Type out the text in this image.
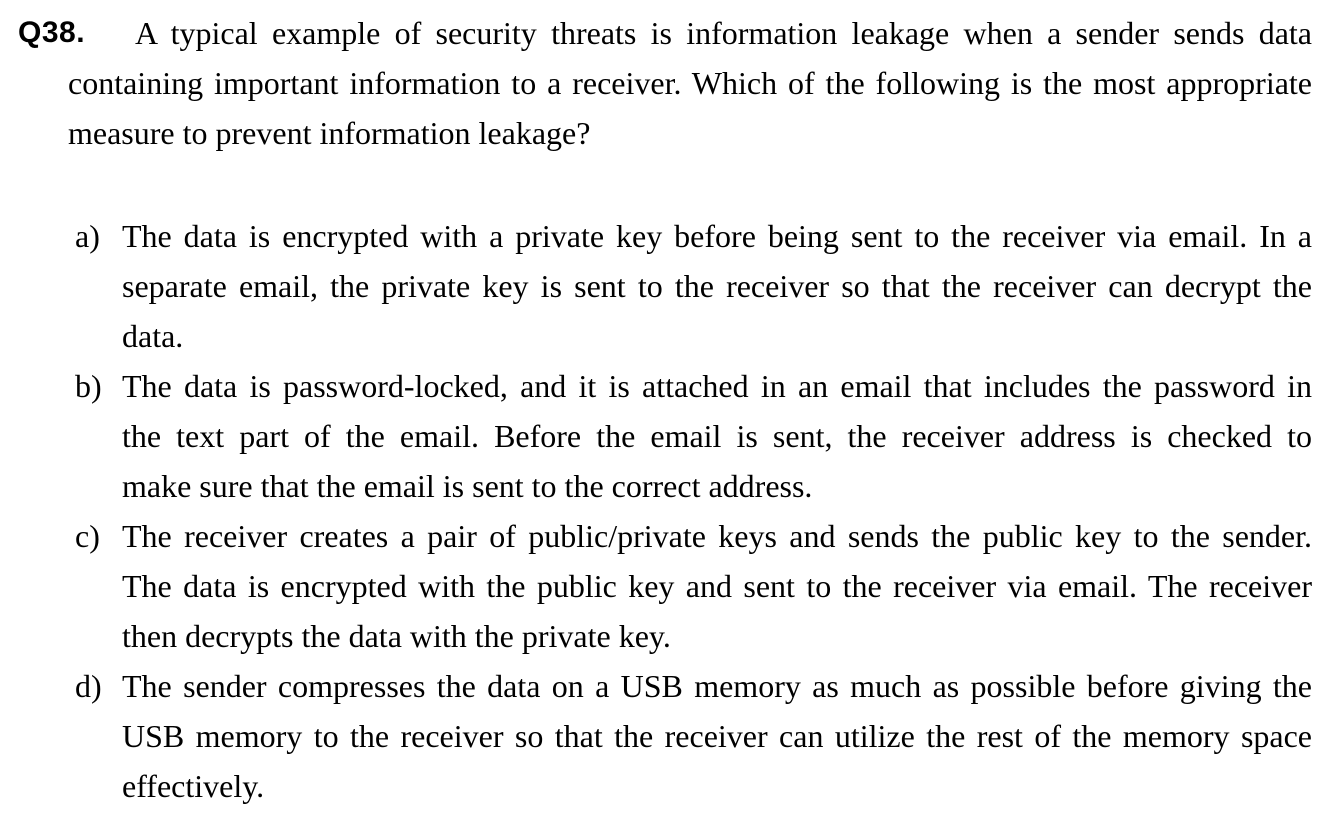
Q38. A typical example of security threats is information leakage when a sender sends data
containing important information to a receiver. Which of the following is the most appropriate
measure to prevent information leakage?
a) The data is encrypted with a private key before being sent to the receiver via email. In a
separate email, the private key is sent to the receiver so that the receiver can decrypt the
data.
b) The data is password-locked, and it is attached in an email that includes the password in
the text part of the email. Before the email is sent, the receiver address is checked to
make sure that the email is sent to the correct address.
c) The receiver creates a pair of public/private keys and sends the public key to the sender.
The data is encrypted with the public key and sent to the receiver via email. The receiver
then decrypts the data with the private key.
d) The sender compresses the data on a USB memory as much as possible before giving the
USB memory to the receiver so that the receiver can utilize the rest of the memory space
effectively.
